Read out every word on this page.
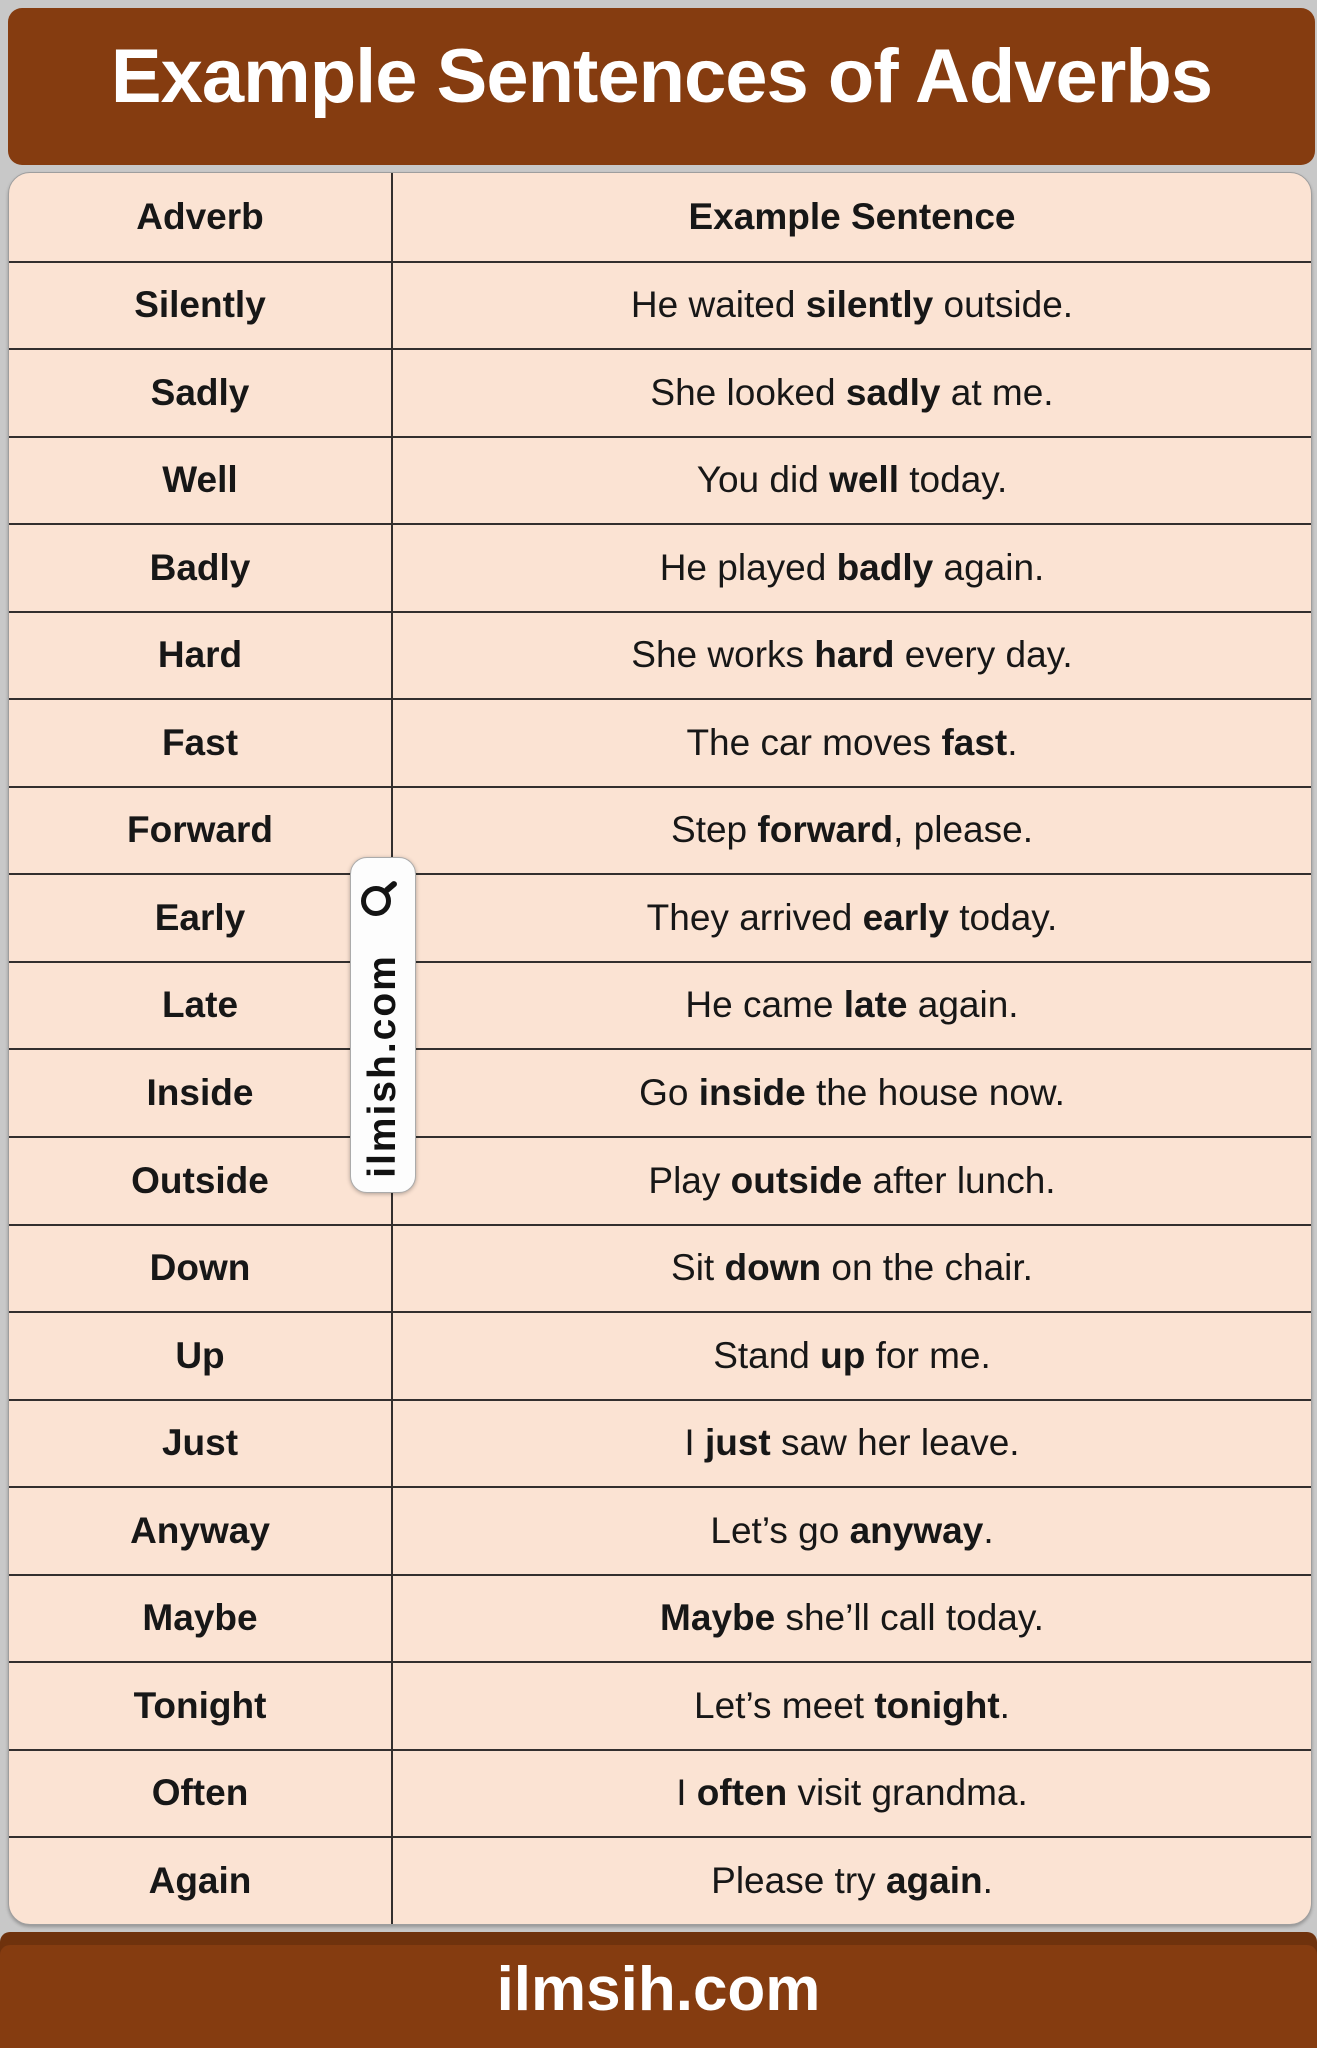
Example Sentences of Adverbs
Adverb	Example Sentence
Silently	He waited silently outside.
Sadly	She looked sadly at me.
Well	You did well today.
Badly	He played badly again.
Hard	She works hard every day.
Fast	The car moves fast.
Forward	Step forward, please.
Early	They arrived early today.
Late	He came late again.
Inside	Go inside the house now.
Outside	Play outside after lunch.
Down	Sit down on the chair.
Up	Stand up for me.
Just	I just saw her leave.
Anyway	Let’s go anyway.
Maybe	Maybe she’ll call today.
Tonight	Let’s meet tonight.
Often	I often visit grandma.
Again	Please try again.
ilmish.com
ilmsih.com
